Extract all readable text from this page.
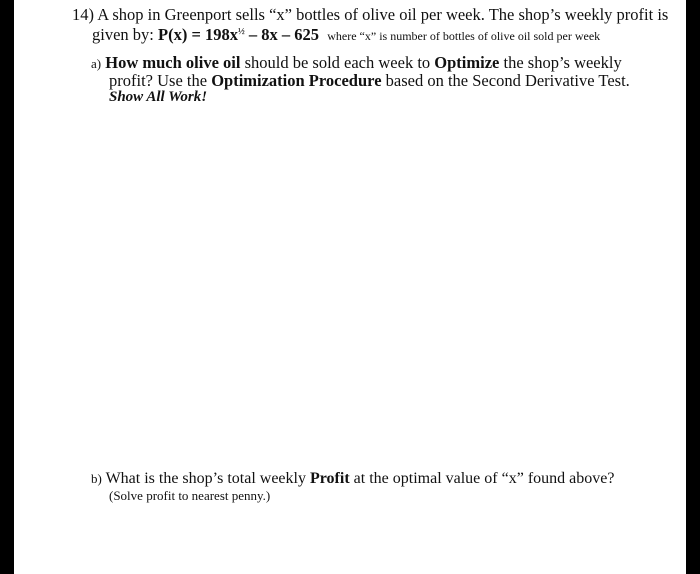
14) A shop in Greenport sells “x” bottles of olive oil per week. The shop’s weekly profit is
given by: $P(x) = 198x^{\frac{1}{2}} - 8x - 625$ where “x” is number of bottles of olive oil sold per week
a) How much olive oil should be sold each week to Optimize the shop’s weekly
profit? Use the Optimization Procedure based on the Second Derivative Test.
Show All Work!
b) What is the shop’s total weekly Profit at the optimal value of “x” found above?
(Solve profit to nearest penny.)
